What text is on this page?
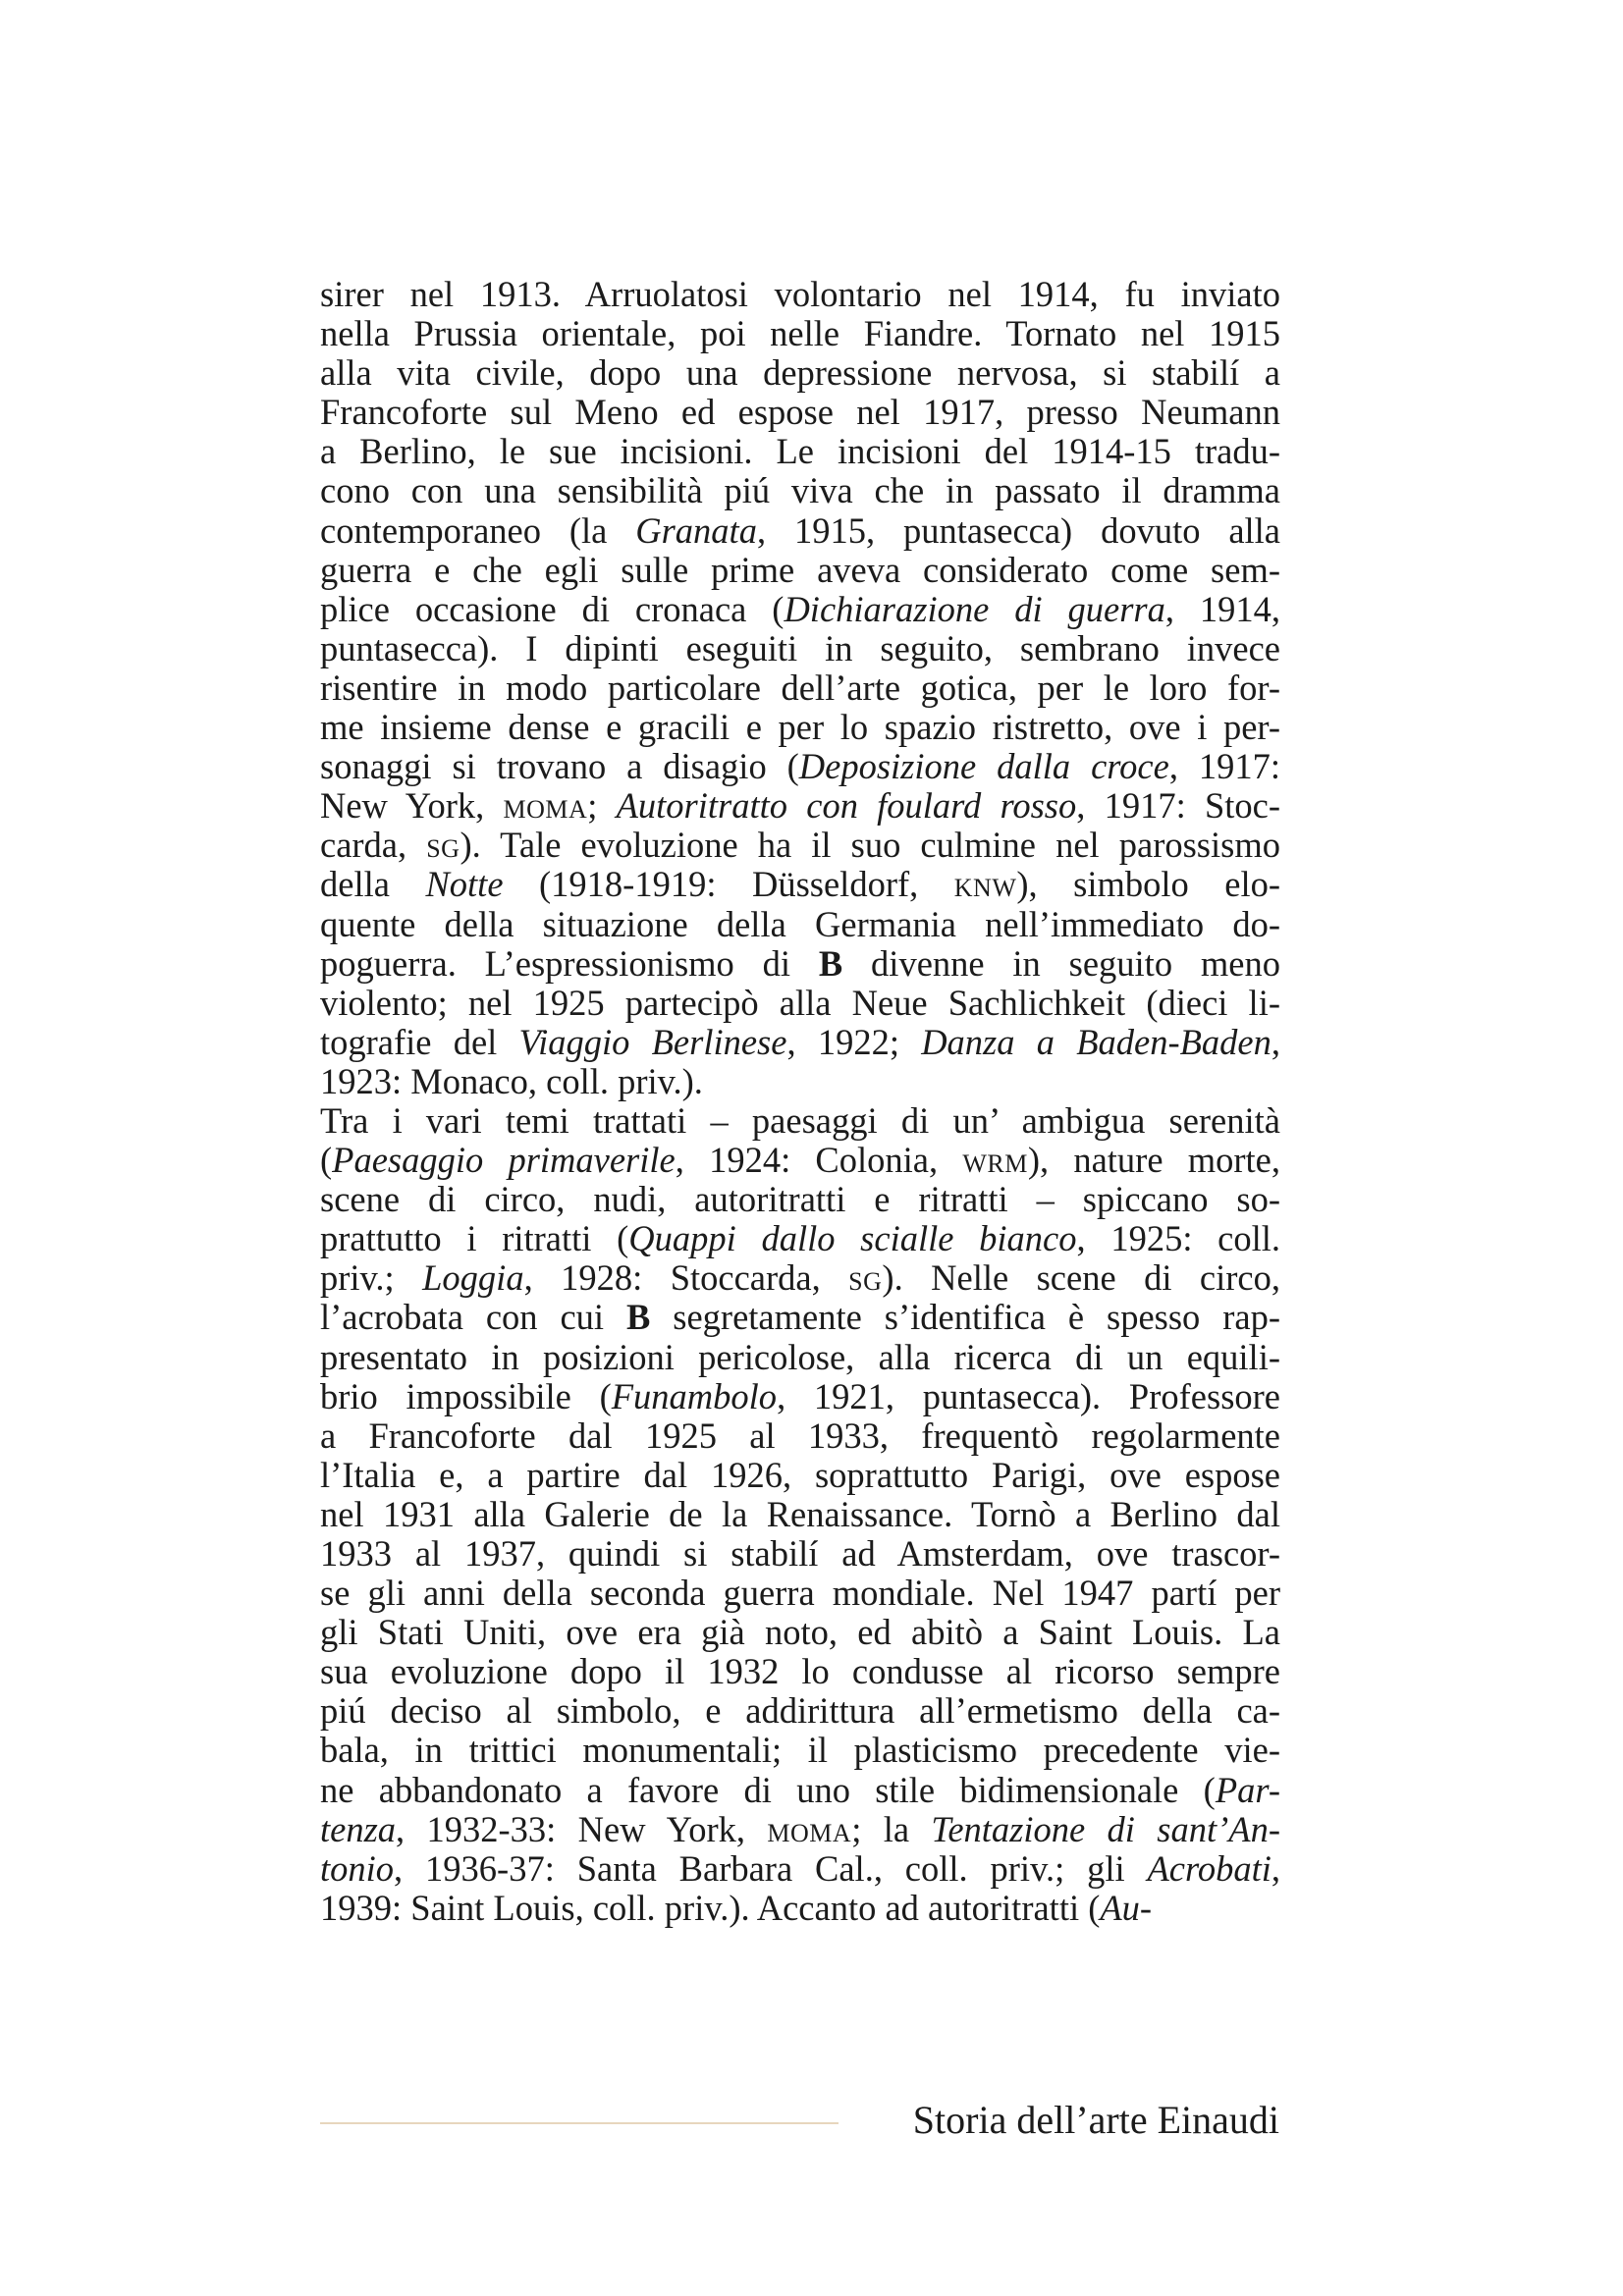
sirer nel 1913. Arruolatosi volontario nel 1914, fu inviato
nella Prussia orientale, poi nelle Fiandre. Tornato nel 1915
alla vita civile, dopo una depressione nervosa, si stabilí a
Francoforte sul Meno ed espose nel 1917, presso Neumann
a Berlino, le sue incisioni. Le incisioni del 1914-15 tradu-
cono con una sensibilità piú viva che in passato il dramma
contemporaneo (la Granata, 1915, puntasecca) dovuto alla
guerra e che egli sulle prime aveva considerato come sem-
plice occasione di cronaca (Dichiarazione di guerra, 1914,
puntasecca). I dipinti eseguiti in seguito, sembrano invece
risentire in modo particolare dell’arte gotica, per le loro for-
me insieme dense e gracili e per lo spazio ristretto, ove i per-
sonaggi si trovano a disagio (Deposizione dalla croce, 1917:
New York, moma; Autoritratto con foulard rosso, 1917: Stoc-
carda, sg). Tale evoluzione ha il suo culmine nel parossismo
della Notte (1918-1919: Düsseldorf, knw), simbolo elo-
quente della situazione della Germania nell’immediato do-
poguerra. L’espressionismo di B divenne in seguito meno
violento; nel 1925 partecipò alla Neue Sachlichkeit (dieci li-
tografie del Viaggio Berlinese, 1922; Danza a Baden-Baden,
1923: Monaco, coll. priv.).
Tra i vari temi trattati – paesaggi di un’ ambigua serenità
(Paesaggio primaverile, 1924: Colonia, wrm), nature morte,
scene di circo, nudi, autoritratti e ritratti – spiccano so-
prattutto i ritratti (Quappi dallo scialle bianco, 1925: coll.
priv.; Loggia, 1928: Stoccarda, sg). Nelle scene di circo,
l’acrobata con cui B segretamente s’identifica è spesso rap-
presentato in posizioni pericolose, alla ricerca di un equili-
brio impossibile (Funambolo, 1921, puntasecca). Professore
a Francoforte dal 1925 al 1933, frequentò regolarmente
l’Italia e, a partire dal 1926, soprattutto Parigi, ove espose
nel 1931 alla Galerie de la Renaissance. Tornò a Berlino dal
1933 al 1937, quindi si stabilí ad Amsterdam, ove trascor-
se gli anni della seconda guerra mondiale. Nel 1947 partí per
gli Stati Uniti, ove era già noto, ed abitò a Saint Louis. La
sua evoluzione dopo il 1932 lo condusse al ricorso sempre
piú deciso al simbolo, e addirittura all’ermetismo della ca-
bala, in trittici monumentali; il plasticismo precedente vie-
ne abbandonato a favore di uno stile bidimensionale (Par-
tenza, 1932-33: New York, moma; la Tentazione di sant’An-
tonio, 1936-37: Santa Barbara Cal., coll. priv.; gli Acrobati,
1939: Saint Louis, coll. priv.). Accanto ad autoritratti (Au-
Storia dell’arte Einaudi
